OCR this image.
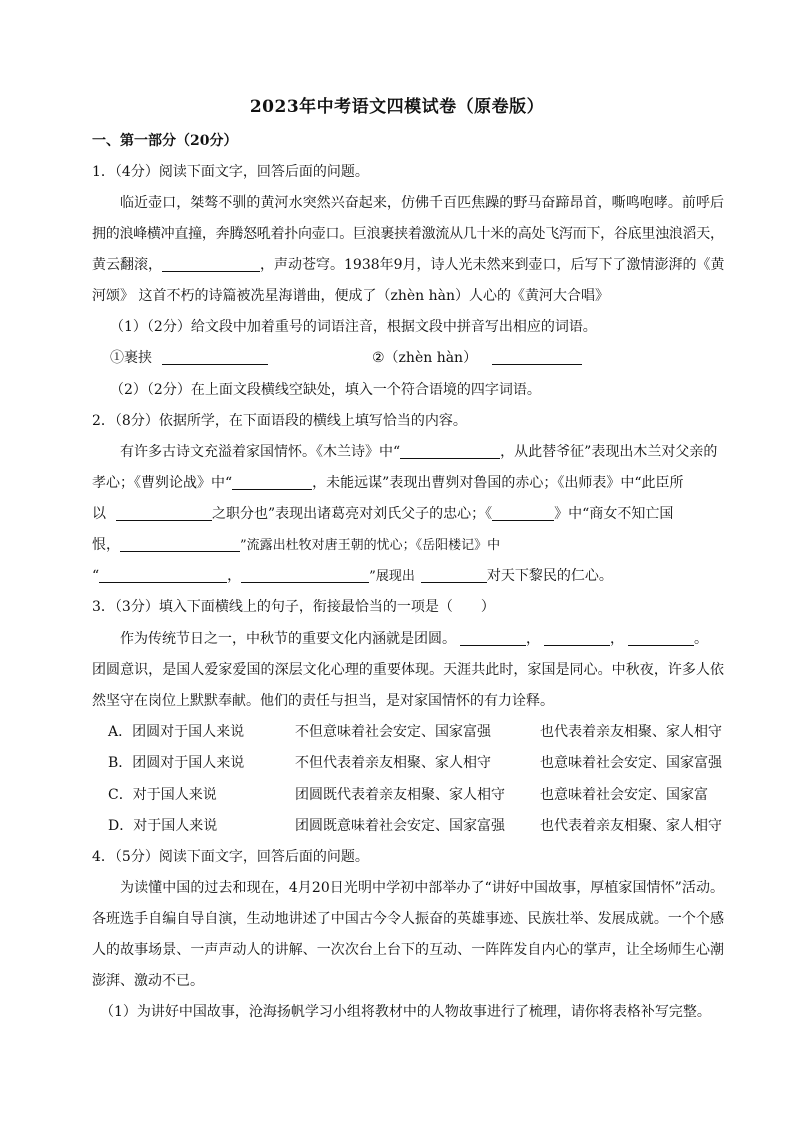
2023年中考语文四模试卷（原卷版）
一、第一部分（20分）
1．（4分）阅读下面文字，回答后面的问题。
临近壶口，桀骜不驯的黄河水突然兴奋起来，仿佛千百匹焦躁的野马奋蹄昂首，嘶鸣咆哮。前呼后
拥的浪峰横冲直撞，奔腾怒吼着扑向壶口。巨浪裹挟着激流从几十米的高处飞泻而下，谷底里浊浪滔天，
黄云翻滚，	，声动苍穹。1938年9月，诗人光未然来到壶口，后写下了激情澎湃的《黄
河颂》 这首不朽的诗篇被冼星海谱曲，便成了（zhèn hàn）人心的《黄河大合唱》
（1）（2分）给文段中加着重号的词语注音，根据文段中拼音写出相应的词语。
①裹挟	②（zhèn hàn）
（2）（2分）在上面文段横线空缺处，填入一个符合语境的四字词语。
2．（8分）依据所学，在下面语段的横线上填写恰当的内容。
有许多古诗文充溢着家国情怀。《木兰诗》中“	，从此替爷征”表现出木兰对父亲的
孝心；《曹刿论战》中“	，未能远谋”表现出曹刿对鲁国的赤心；《出师表》中“此臣所
以	之职分也”表现出诸葛亮对刘氏父子的忠心；《	》中“商女不知亡国
恨，	”流露出杜牧对唐王朝的忧心；《岳阳楼记》中
“	，	”展现出	对天下黎民的仁心。
3．（3分）填入下面横线上的句子，衔接最恰当的一项是（　　）
作为传统节日之一，中秋节的重要文化内涵就是团圆。	，	，	。
团圆意识，是国人爱家爱国的深层文化心理的重要体现。天涯共此时，家国是同心。中秋夜，许多人依
然坚守在岗位上默默奉献。他们的责任与担当，是对家国情怀的有力诠释。
A．团圆对于国人来说	不但意味着社会安定、国家富强	也代表着亲友相聚、家人相守
B．团圆对于国人来说	不但代表着亲友相聚、家人相守	也意味着社会安定、国家富强
C．对于国人来说	团圆既代表着亲友相聚、家人相守	也意味着社会安定、国家富
D．对于国人来说	团圆既意味着社会安定、国家富强	也代表着亲友相聚、家人相守
4．（5分）阅读下面文字，回答后面的问题。
为读懂中国的过去和现在，4月20日光明中学初中部举办了“讲好中国故事，厚植家国情怀”活动。
各班选手自编自导自演，生动地讲述了中国古今令人振奋的英雄事迹、民族壮举、发展成就。一个个感
人的故事场景、一声声动人的讲解、一次次台上台下的互动、一阵阵发自内心的掌声，让全场师生心潮
澎湃、激动不已。
（1）为讲好中国故事，沧海扬帆学习小组将教材中的人物故事进行了梳理，请你将表格补写完整。
